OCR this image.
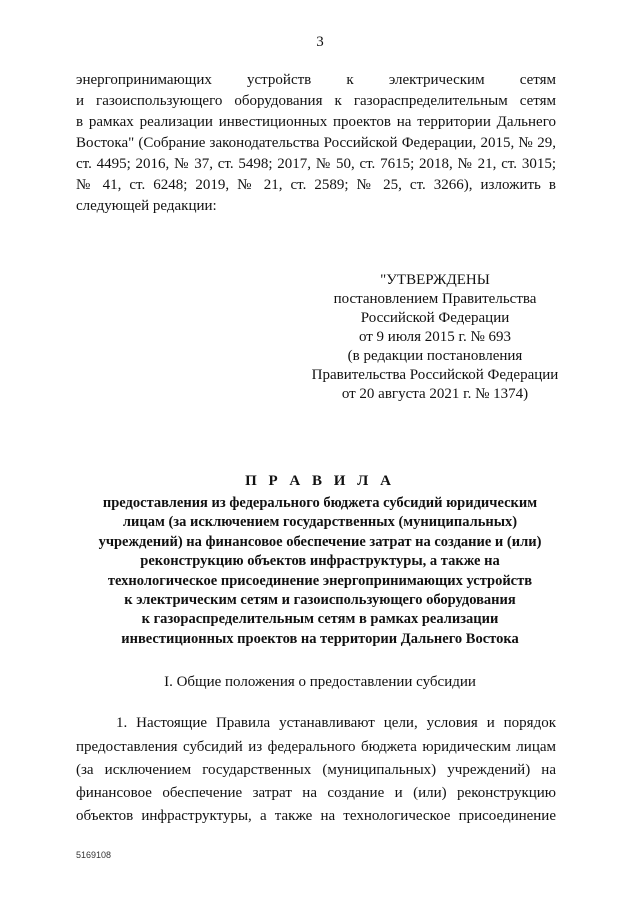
3
энергопринимающих устройств к электрическим сетям
и газоиспользующего оборудования к газораспределительным сетям
в рамках реализации инвестиционных проектов на территории Дальнего
Востока" (Собрание законодательства Российской Федерации, 2015, № 29,
ст. 4495; 2016, № 37, ст. 5498; 2017, № 50, ст. 7615; 2018, № 21, ст. 3015;
№ 41, ст. 6248; 2019, № 21, ст. 2589; № 25, ст. 3266), изложить в
следующей редакции:
"УТВЕРЖДЕНЫ
постановлением Правительства
Российской Федерации
от 9 июля 2015 г. № 693
(в редакции постановления
Правительства Российской Федерации
от 20 августа 2021 г. № 1374)
П Р А В И Л А
предоставления из федерального бюджета субсидий юридическим
лицам (за исключением государственных (муниципальных)
учреждений) на финансовое обеспечение затрат на создание и (или)
реконструкцию объектов инфраструктуры, а также на
технологическое присоединение энергопринимающих устройств
к электрическим сетям и газоиспользующего оборудования
к газораспределительным сетям в рамках реализации
инвестиционных проектов на территории Дальнего Востока
I. Общие положения о предоставлении субсидии
1. Настоящие Правила устанавливают цели, условия и порядок
предоставления субсидий из федерального бюджета юридическим лицам
(за исключением государственных (муниципальных) учреждений) на
финансовое обеспечение затрат на создание и (или) реконструкцию
объектов инфраструктуры, а также на технологическое присоединение
5169108
